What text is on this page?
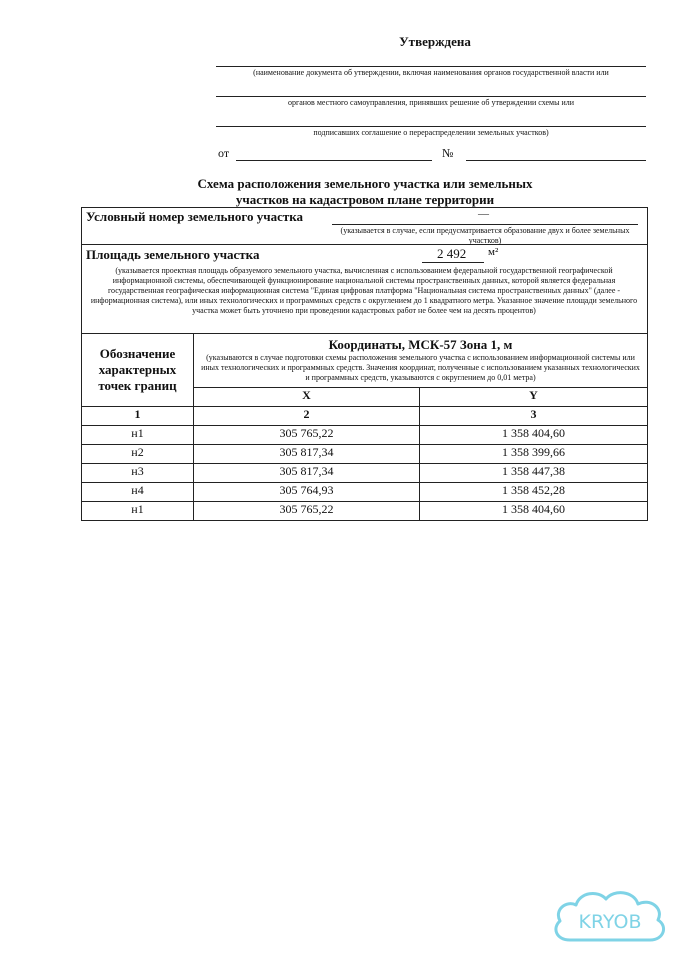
Утверждена
(наименование документа об утверждении, включая наименования органов государственной власти или
органов местного самоуправления, принявших решение об утверждении схемы или
подписавших соглашение о перераспределении земельных участков)
от	№
Схема расположения земельного участка или земельных
участков на кадастровом плане территории
Условный номер земельного участка —
(указывается в случае, если предусматривается образование двух и более земельных участков)		

Площадь земельного участка 2 492 м²
(указывается проектная площадь образуемого земельного участка, вычисленная с использованием федеральной государственной географической информационной системы, обеспечивающей функционирование национальной системы пространственных данных, которой является федеральная государственная географическая информационная система "Единая цифровая платформа "Национальная система пространственных данных" (далее - информационная система), или иных технологических и программных средств с округлением до 1 квадратного метра. Указанное значение площади земельного участка может быть уточнено при проведении кадастровых работ не более чем на десять процентов)		

Обозначение характерных точек границ	Координаты, МСК-57 Зона 1, м
(указываются в случае подготовки схемы расположения земельного участка с использованием информационной системы или иных технологических и программных средств. Значения координат, полученные с использованием указанных технологических и программных средств, указываются с округлением до 0,01 метра)	

	X	Y
1	2	3
н1	305 765,22	1 358 404,60
н2	305 817,34	1 358 399,66
н3	305 817,34	1 358 447,38
н4	305 764,93	1 358 452,28
н1	305 765,22	1 358 404,60
KRYOB
